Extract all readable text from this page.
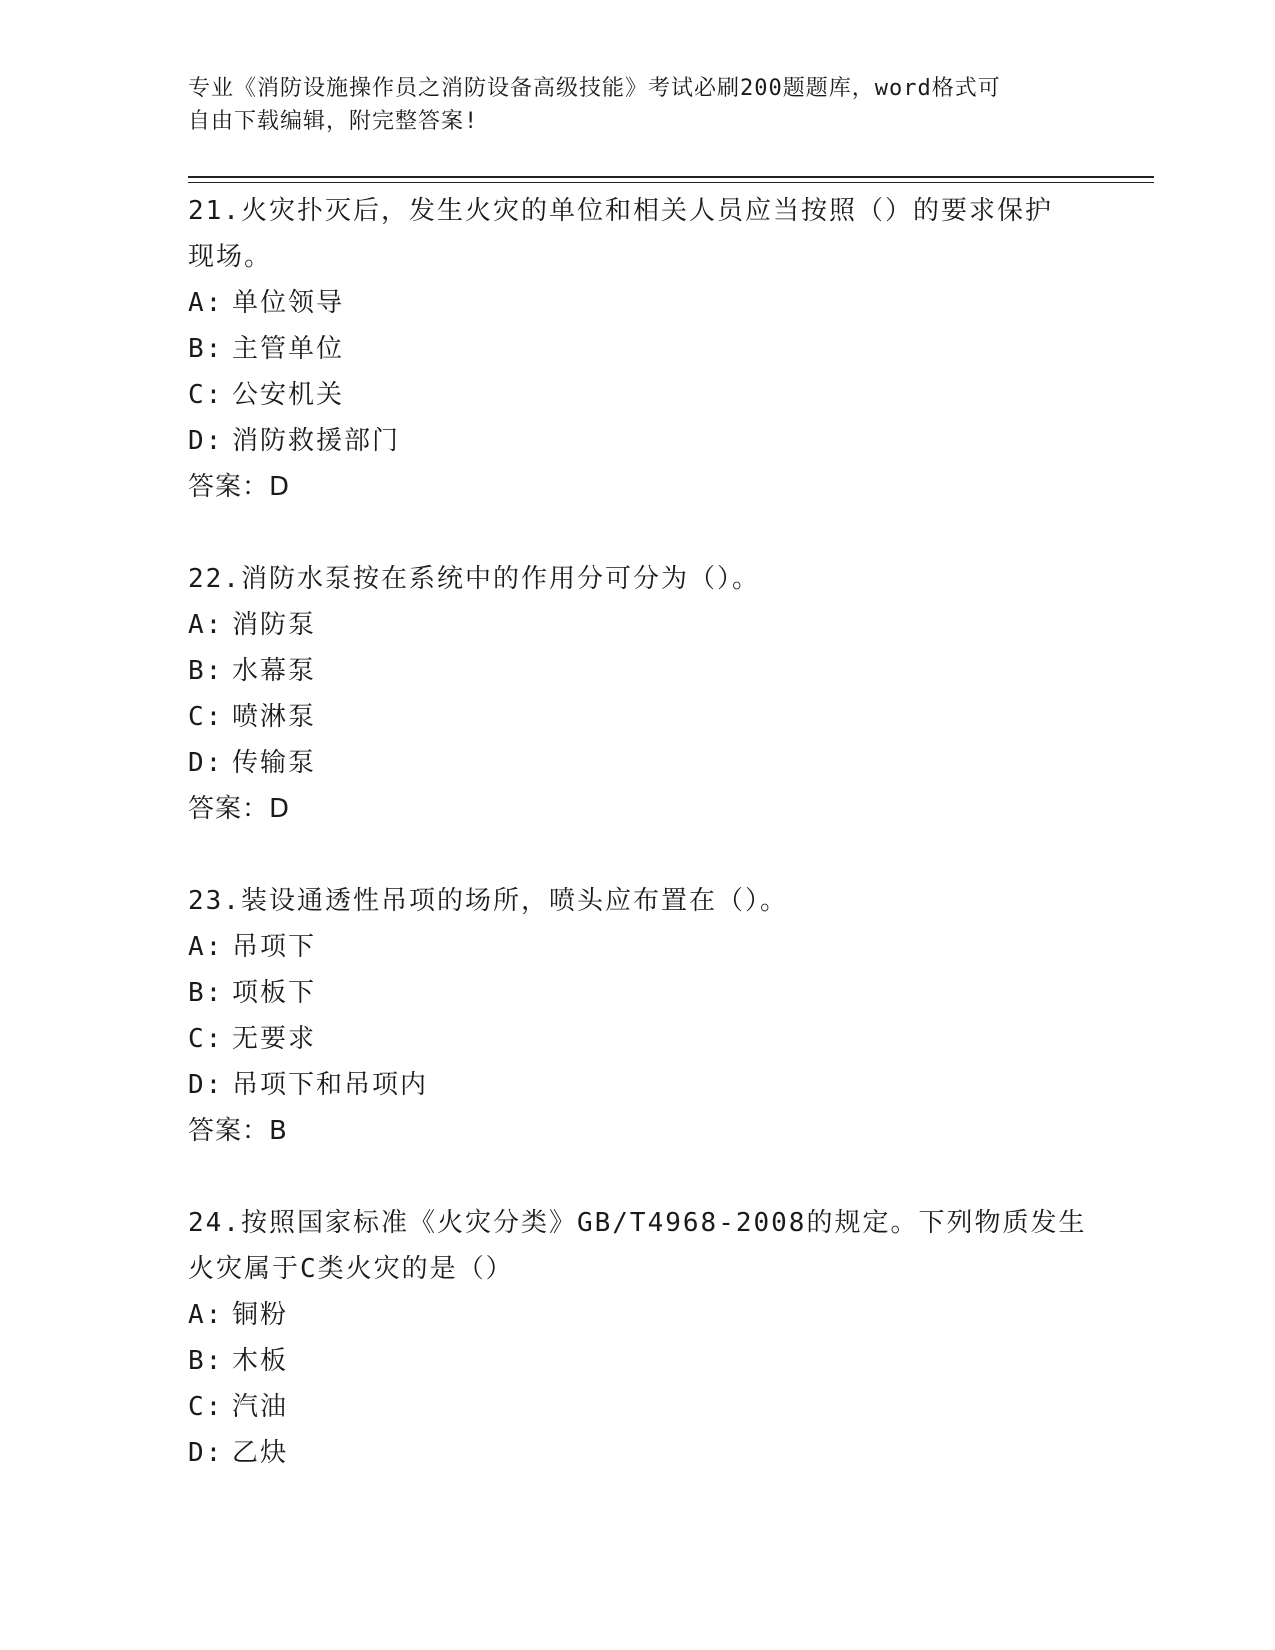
专业《消防设施操作员之消防设备高级技能》考试必刷200题题库，word格式可
自由下载编辑，附完整答案!
21.火灾扑灭后，发生火灾的单位和相关人员应当按照（）的要求保护
现场。
A: 单位领导
B: 主管单位
C: 公安机关
D: 消防救援部门
答案：D
22.消防水泵按在系统中的作用分可分为（）。
A: 消防泵
B: 水幕泵
C: 喷淋泵
D: 传输泵
答案：D
23.装设通透性吊项的场所，喷头应布置在（）。
A: 吊项下
B: 项板下
C: 无要求
D: 吊项下和吊项内
答案：B
24.按照国家标准《火灾分类》GB/T4968-2008的规定。下列物质发生
火灾属于C类火灾的是（）
A: 铜粉
B: 木板
C: 汽油
D: 乙炔
